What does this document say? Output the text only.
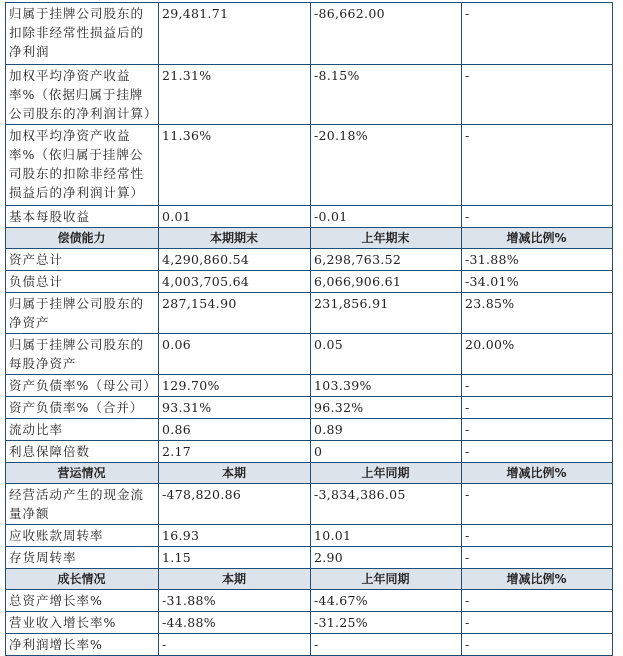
归属于挂牌公司股东的扣除非经常性损益后的净利润	29,481.71	-86,662.00	-
加权平均净资产收益率%（依据归属于挂牌公司股东的净利润计算）	21.31%	-8.15%	-
加权平均净资产收益率%（依归属于挂牌公司股东的扣除非经常性损益后的净利润计算）	11.36%	-20.18%	-
基本每股收益	0.01	-0.01	-
偿债能力	本期期末	上年期末	增减比例%
资产总计	4,290,860.54	6,298,763.52	-31.88%
负债总计	4,003,705.64	6,066,906.61	-34.01%
归属于挂牌公司股东的净资产	287,154.90	231,856.91	23.85%
归属于挂牌公司股东的每股净资产	0.06	0.05	20.00%
资产负债率%（母公司）	129.70%	103.39%	-
资产负债率%（合并）	93.31%	96.32%	-
流动比率	0.86	0.89	-
利息保障倍数	2.17	0	-
营运情况	本期	上年同期	增减比例%
经营活动产生的现金流量净额	-478,820.86	-3,834,386.05	-
应收账款周转率	16.93	10.01	-
存货周转率	1.15	2.90	-
成长情况	本期	上年同期	增减比例%
总资产增长率%	-31.88%	-44.67%	-
营业收入增长率%	-44.88%	-31.25%	-
净利润增长率%	-	-	-
